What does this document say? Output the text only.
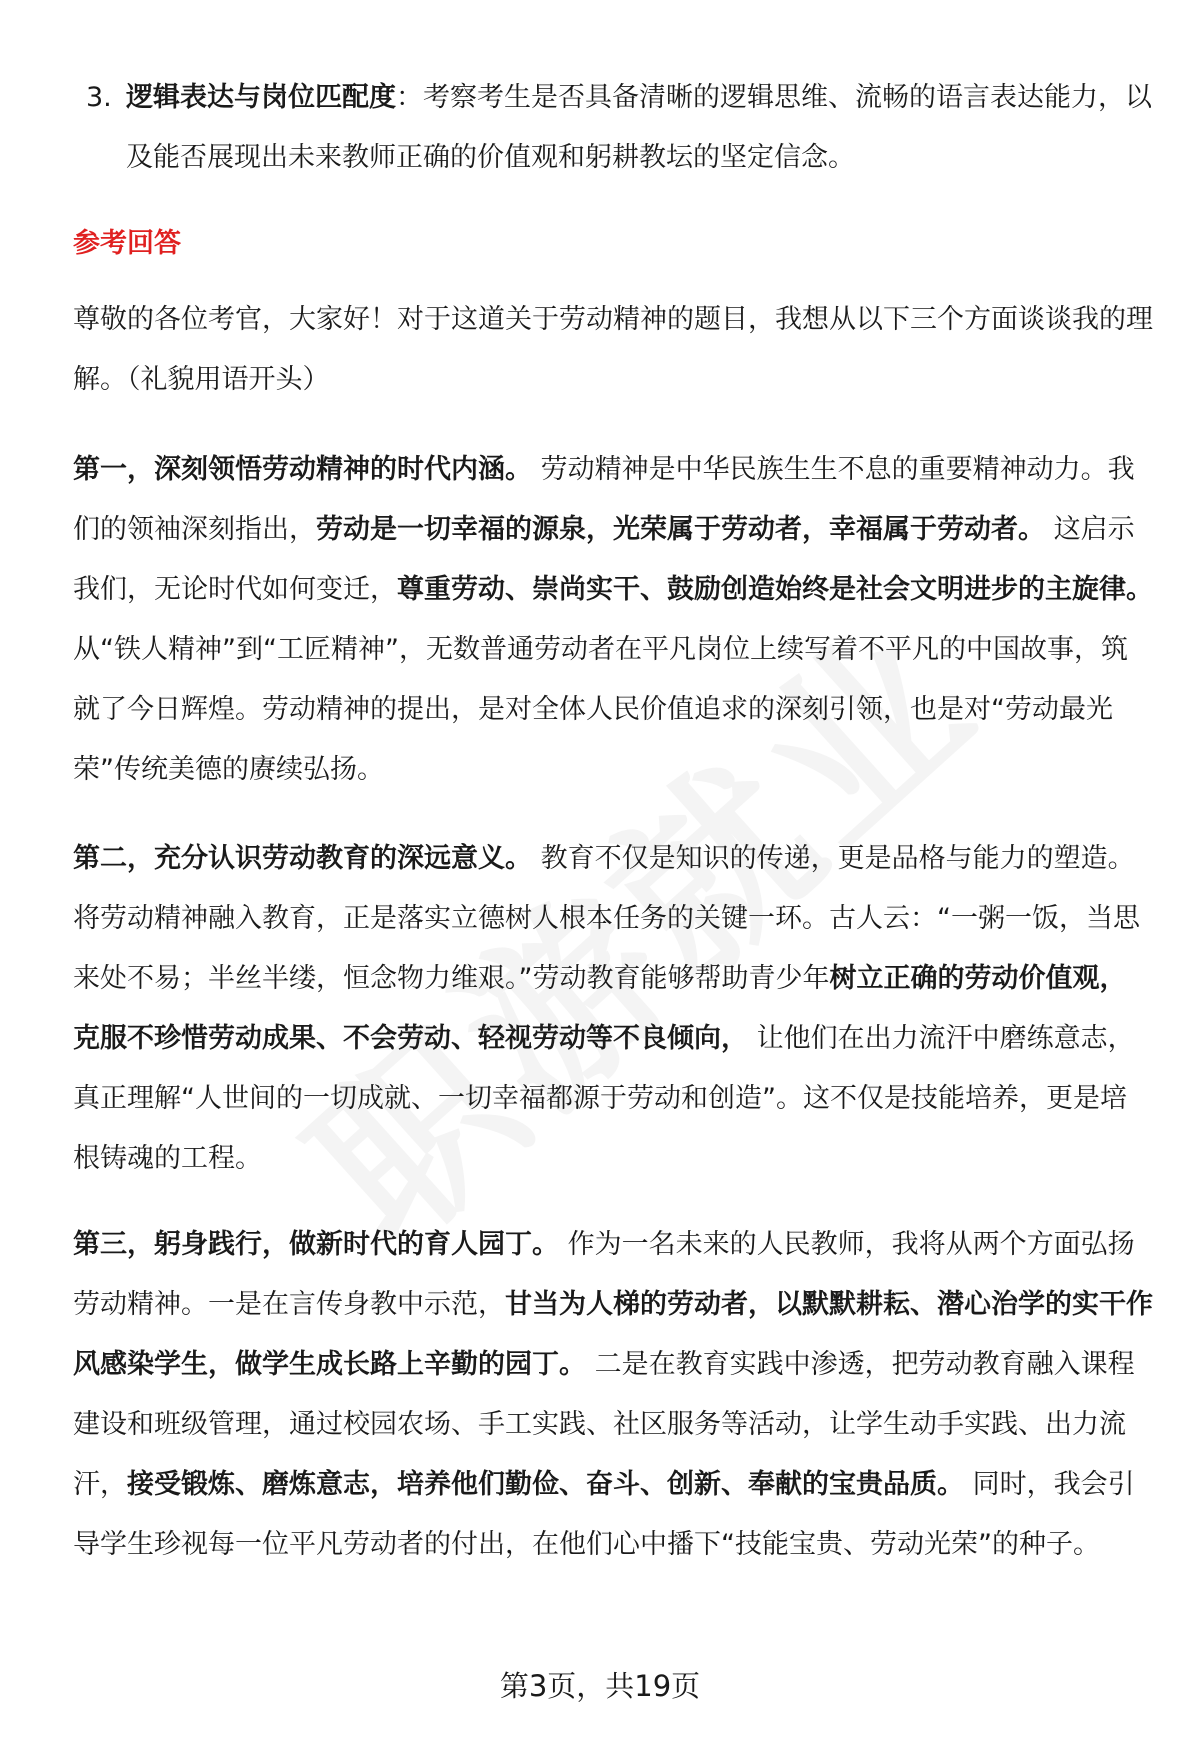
3. 逻辑表达与岗位匹配度：考察考生是否具备清晰的逻辑思维、流畅的语言表达能力，以及能否展现出未来教师正确的价值观和躬耕教坛的坚定信念。
参考回答

尊敬的各位考官，大家好！对于这道关于劳动精神的题目，我想从以下三个方面谈谈我的理解。（礼貌用语开头）

第一，深刻领悟劳动精神的时代内涵。 劳动精神是中华民族生生不息的重要精神动力。我们的领袖深刻指出，劳动是一切幸福的源泉，光荣属于劳动者，幸福属于劳动者。 这启示我们，无论时代如何变迁，尊重劳动、崇尚实干、鼓励创造始终是社会文明进步的主旋律。 从“铁人精神”到“工匠精神”，无数普通劳动者在平凡岗位上续写着不平凡的中国故事，筑就了今日辉煌。劳动精神的提出，是对全体人民价值追求的深刻引领，也是对“劳动最光荣”传统美德的赓续弘扬。

第二，充分认识劳动教育的深远意义。 教育不仅是知识的传递，更是品格与能力的塑造。将劳动精神融入教育，正是落实立德树人根本任务的关键一环。古人云：“一粥一饭，当思来处不易；半丝半缕，恒念物力维艰。”劳动教育能够帮助青少年树立正确的劳动价值观，克服不珍惜劳动成果、不会劳动、轻视劳动等不良倾向， 让他们在出力流汗中磨练意志，真正理解“人世间的一切成就、一切幸福都源于劳动和创造”。这不仅是技能培养，更是培根铸魂的工程。

第三，躬身践行，做新时代的育人园丁。 作为一名未来的人民教师，我将从两个方面弘扬劳动精神。一是在言传身教中示范，甘当为人梯的劳动者，以默默耕耘、潜心治学的实干作风感染学生，做学生成长路上辛勤的园丁。 二是在教育实践中渗透，把劳动教育融入课程建设和班级管理，通过校园农场、手工实践、社区服务等活动，让学生动手实践、出力流汗，接受锻炼、磨炼意志，培养他们勤俭、奋斗、创新、奉献的宝贵品质。 同时，我会引导学生珍视每一位平凡劳动者的付出，在他们心中播下“技能宝贵、劳动光荣”的种子。

第3页，共19页
